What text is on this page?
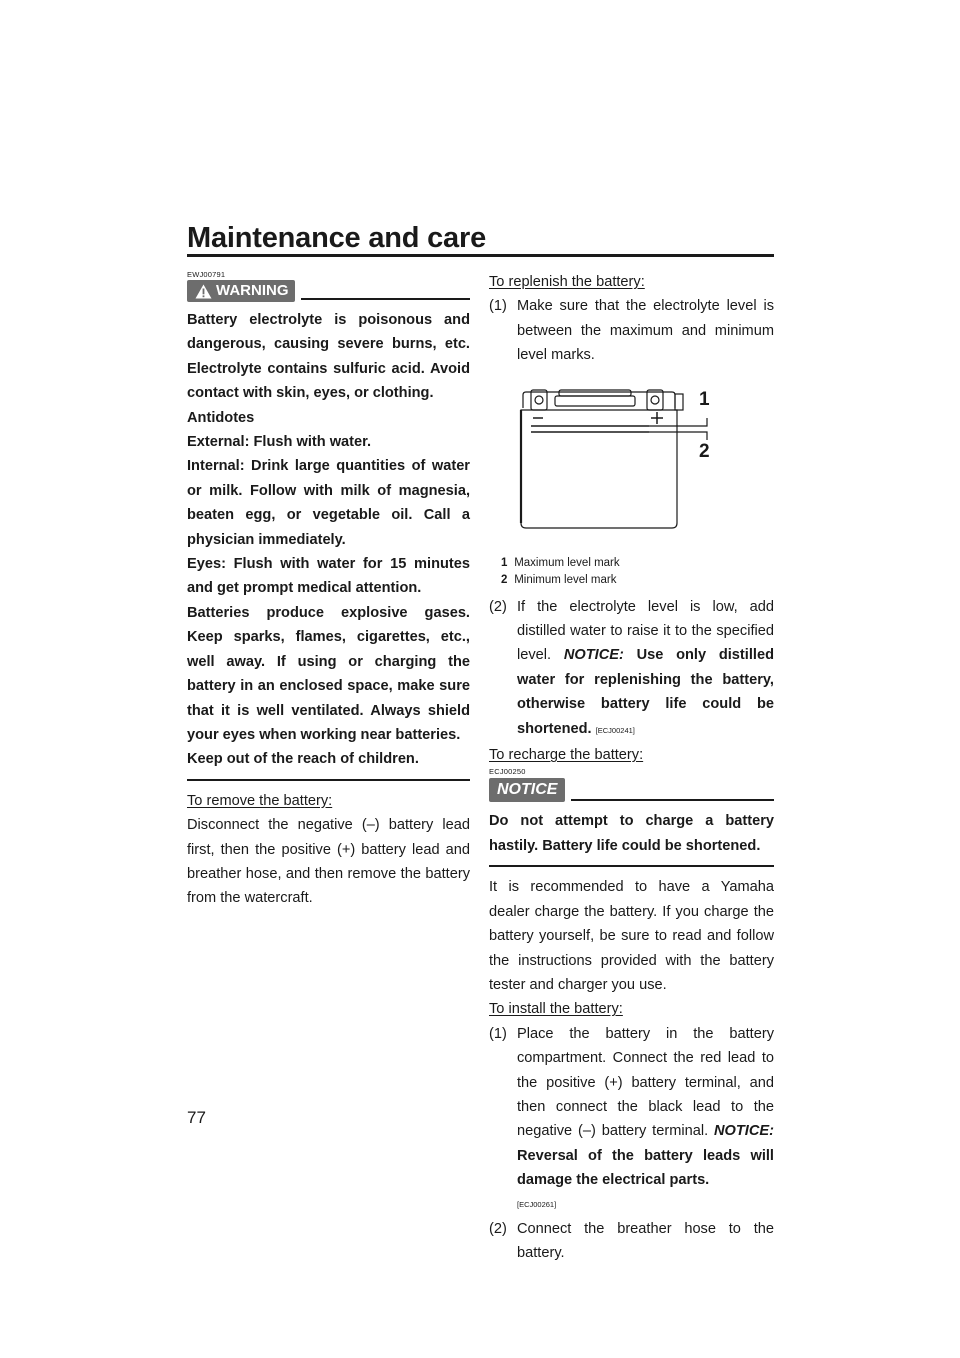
Maintenance and care
EWJ00791
WARNING

Battery electrolyte is poisonous and dangerous, causing severe burns, etc. Electrolyte contains sulfuric acid. Avoid contact with skin, eyes, or clothing.

Antidotes

External: Flush with water.

Internal: Drink large quantities of water or milk. Follow with milk of magnesia, beaten egg, or vegetable oil. Call a physician immediately.

Eyes: Flush with water for 15 minutes and get prompt medical attention.

Batteries produce explosive gases. Keep sparks, flames, cigarettes, etc., well away. If using or charging the battery in an enclosed space, make sure that it is well ventilated. Always shield your eyes when working near batteries.

Keep out of the reach of children.

To remove the battery:

Disconnect the negative (–) battery lead first, then the positive (+) battery lead and breather hose, and then remove the battery from the watercraft.

To replenish the battery:
(1) Make sure that the electrolyte level is between the maximum and minimum level marks.
1
2
1 Maximum level mark
2 Minimum level mark
(2) If the electrolyte level is low, add distilled water to raise it to the specified level. NOTICE: Use only distilled water for replenishing the battery, otherwise battery life could be shortened. [ECJ00241]
To recharge the battery:
ECJ00250
NOTICE

Do not attempt to charge a battery hastily. Battery life could be shortened.

It is recommended to have a Yamaha dealer charge the battery. If you charge the battery yourself, be sure to read and follow the instructions provided with the battery tester and charger you use.

To install the battery:
(1) Place the battery in the battery compartment. Connect the red lead to the positive (+) battery terminal, and then connect the black lead to the negative (–) battery terminal. NOTICE: Reversal of the battery leads will damage the electrical parts.
[ECJ00261]
(2) Connect the breather hose to the battery.
77
